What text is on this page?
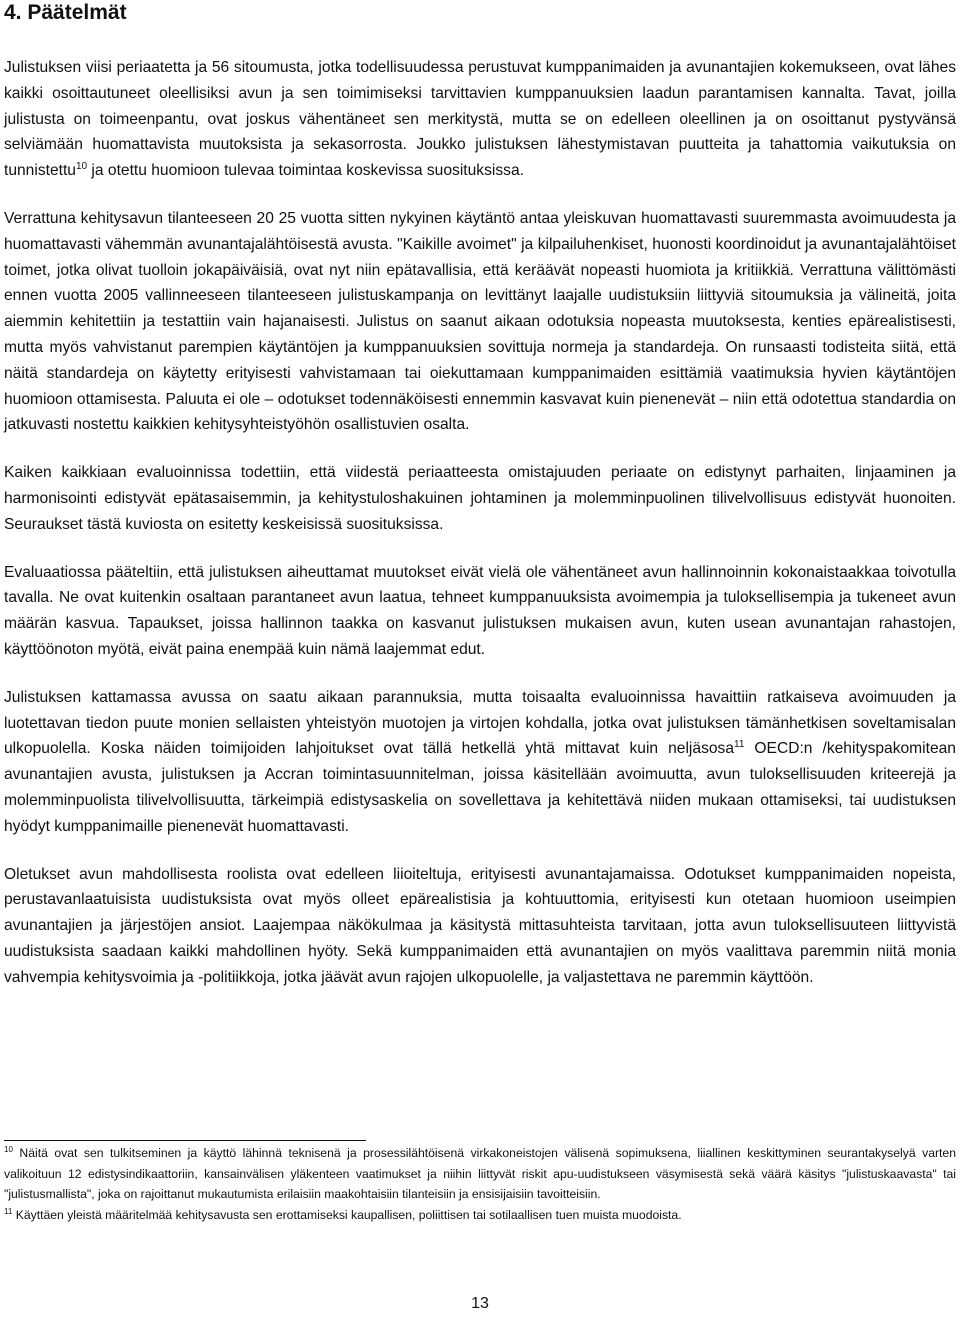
4. Päätelmät

Julistuksen viisi periaatetta ja 56 sitoumusta, jotka todellisuudessa perustuvat kumppanimaiden ja avunantajien kokemukseen, ovat lähes kaikki osoittautuneet oleellisiksi avun ja sen toimimiseksi tarvittavien kumppanuuksien laadun parantamisen kannalta. Tavat, joilla julistusta on toimeenpantu, ovat joskus vähentäneet sen merkitystä, mutta se on edelleen oleellinen ja on osoittanut pystyvänsä selviämään huomattavista muutoksista ja sekasorrosta. Joukko julistuksen lähestymistavan puutteita ja tahattomia vaikutuksia on tunnistettu$^{10}$ ja otettu huomioon tulevaa toimintaa koskevissa suosituksissa.

Verrattuna kehitysavun tilanteeseen 20 25 vuotta sitten nykyinen käytäntö antaa yleiskuvan huomattavasti suuremmasta avoimuudesta ja huomattavasti vähemmän avunantajalähtöisestä avusta. "Kaikille avoimet" ja kilpailuhenkiset, huonosti koordinoidut ja avunantajalähtöiset toimet, jotka olivat tuolloin jokapäiväisiä, ovat nyt niin epätavallisia, että keräävät nopeasti huomiota ja kritiikkiä. Verrattuna välittömästi ennen vuotta 2005 vallinneeseen tilanteeseen julistuskampanja on levittänyt laajalle uudistuksiin liittyviä sitoumuksia ja välineitä, joita aiemmin kehitettiin ja testattiin vain hajanaisesti. Julistus on saanut aikaan odotuksia nopeasta muutoksesta, kenties epärealistisesti, mutta myös vahvistanut parempien käytäntöjen ja kumppanuuksien sovittuja normeja ja standardeja. On runsaasti todisteita siitä, että näitä standardeja on käytetty erityisesti vahvistamaan tai oiekuttamaan kumppanimaiden esittämiä vaatimuksia hyvien käytäntöjen huomioon ottamisesta. Paluuta ei ole – odotukset todennäköisesti ennemmin kasvavat kuin pienenevät – niin että odotettua standardia on jatkuvasti nostettu kaikkien kehitysyhteistyöhön osallistuvien osalta.

Kaiken kaikkiaan evaluoinnissa todettiin, että viidestä periaatteesta omistajuuden periaate on edistynyt parhaiten, linjaaminen ja harmonisointi edistyvät epätasaisemmin, ja kehitystuloshakuinen johtaminen ja molemminpuolinen tilivelvollisuus edistyvät huonoiten. Seuraukset tästä kuviosta on esitetty keskeisissä suosituksissa.

Evaluaatiossa pääteltiin, että julistuksen aiheuttamat muutokset eivät vielä ole vähentäneet avun hallinnoinnin kokonaistaakkaa toivotulla tavalla. Ne ovat kuitenkin osaltaan parantaneet avun laatua, tehneet kumppanuuksista avoimempia ja tuloksellisempia ja tukeneet avun määrän kasvua. Tapaukset, joissa hallinnon taakka on kasvanut julistuksen mukaisen avun, kuten usean avunantajan rahastojen, käyttöönoton myötä, eivät paina enempää kuin nämä laajemmat edut.

Julistuksen kattamassa avussa on saatu aikaan parannuksia, mutta toisaalta evaluoinnissa havaittiin ratkaiseva avoimuuden ja luotettavan tiedon puute monien sellaisten yhteistyön muotojen ja virtojen kohdalla, jotka ovat julistuksen tämänhetkisen soveltamisalan ulkopuolella. Koska näiden toimijoiden lahjoitukset ovat tällä hetkellä yhtä mittavat kuin neljäsosa$^{11}$ OECD:n /kehityspakomitean avunantajien avusta, julistuksen ja Accran toimintasuunnitelman, joissa käsitellään avoimuutta, avun tuloksellisuuden kriteerejä ja molemminpuolista tilivelvollisuutta, tärkeimpiä edistysaskelia on sovellettava ja kehitettävä niiden mukaan ottamiseksi, tai uudistuksen hyödyt kumppanimaille pienenevät huomattavasti.

Oletukset avun mahdollisesta roolista ovat edelleen liioiteltuja, erityisesti avunantajamaissa. Odotukset kumppanimaiden nopeista, perustavanlaatuisista uudistuksista ovat myös olleet epärealistisia ja kohtuuttomia, erityisesti kun otetaan huomioon useimpien avunantajien ja järjestöjen ansiot. Laajempaa näkökulmaa ja käsitystä mittasuhteista tarvitaan, jotta avun tuloksellisuuteen liittyvistä uudistuksista saadaan kaikki mahdollinen hyöty. Sekä kumppanimaiden että avunantajien on myös vaalittava paremmin niitä monia vahvempia kehitysvoimia ja -politiikkoja, jotka jäävät avun rajojen ulkopuolelle, ja valjastettava ne paremmin käyttöön.

$^{10}$ Näitä ovat sen tulkitseminen ja käyttö lähinnä teknisenä ja prosessilähtöisenä virkakoneistojen välisenä sopimuksena, liiallinen keskittyminen seurantakyselyä varten valikoituun 12 edistysindikaattoriin, kansainvälisen yläkenteen vaatimukset ja niihin liittyvät riskit apu-uudistukseen väsymisestä sekä väärä käsitys "julistuskaavasta" tai "julistusmallista", joka on rajoittanut mukautumista erilaisiin maakohtaisiin tilanteisiin ja ensisijaisiin tavoitteisiin.

$^{11}$ Käyttäen yleistä määritelmää kehitysavusta sen erottamiseksi kaupallisen, poliittisen tai sotilaallisen tuen muista muodoista.

13
